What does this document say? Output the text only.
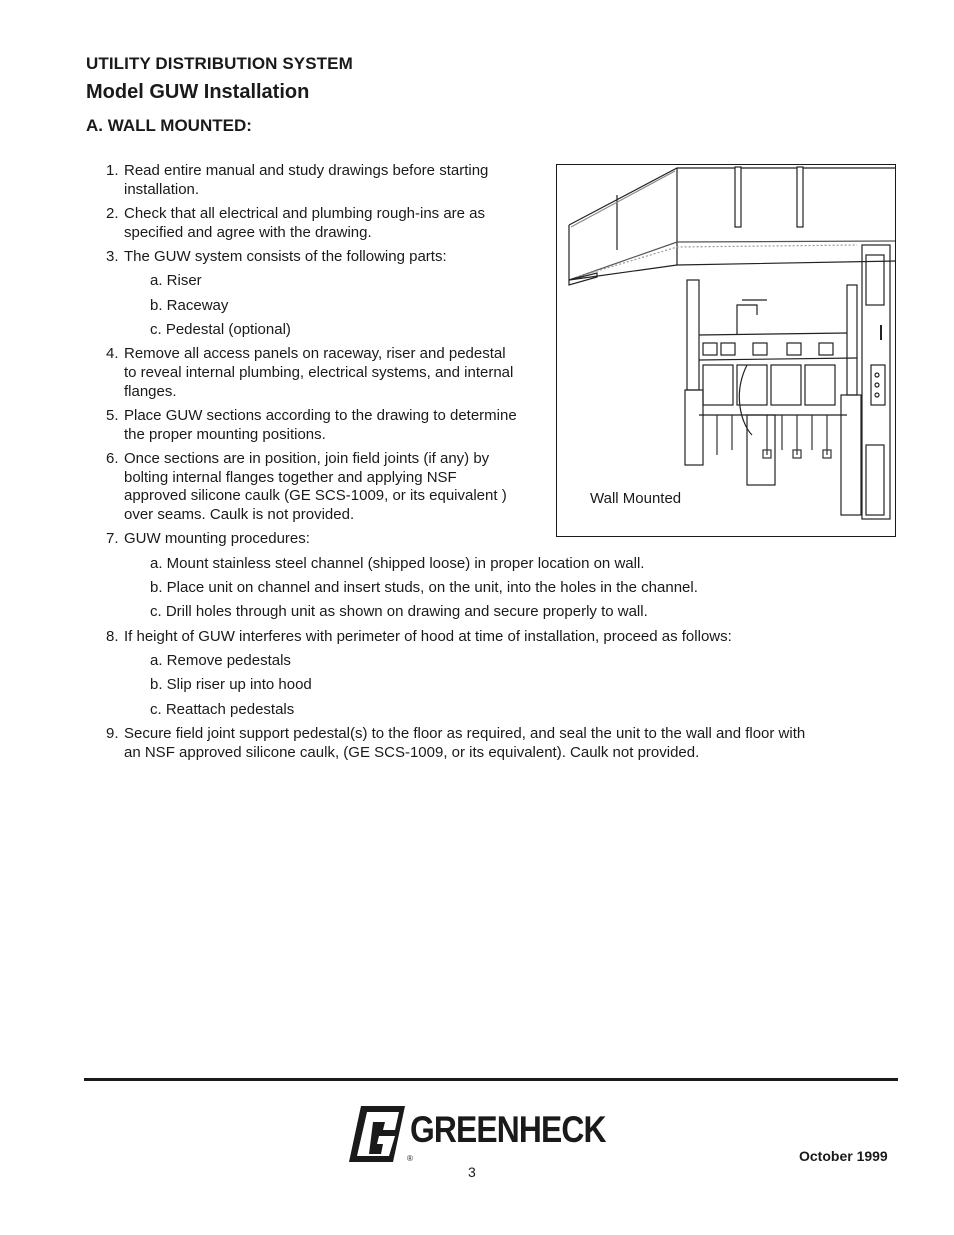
UTILITY DISTRIBUTION SYSTEM
Model GUW Installation
A. WALL MOUNTED:
1. Read entire manual and study drawings before starting
installation.
2. Check that all electrical and plumbing rough-ins are as
specified and agree with the drawing.
3. The GUW system consists of the following parts:
a. Riser
b. Raceway
c. Pedestal (optional)
4. Remove all access panels on raceway, riser and pedestal
to reveal internal plumbing, electrical systems, and internal
flanges.
5. Place GUW sections according to the drawing to determine
the proper mounting positions.
6. Once sections are in position, join field joints (if any) by
bolting internal flanges together and applying NSF
approved silicone caulk (GE SCS-1009, or its equivalent )
over seams. Caulk is not provided.
7. GUW mounting procedures:
a. Mount stainless steel channel (shipped loose) in proper location on wall.
b. Place unit on channel and insert studs, on the unit, into the holes in the channel.
c. Drill holes through unit as shown on drawing and secure properly to wall.
8. If height of GUW interferes with perimeter of hood at time of installation, proceed as follows:
a. Remove pedestals
b. Slip riser up into hood
c. Reattach pedestals
9. Secure field joint support pedestal(s) to the floor as required, and seal the unit to the wall and floor with
an NSF approved silicone caulk, (GE SCS-1009, or its equivalent). Caulk not provided.
Wall Mounted
GREENHECK
®
3
October 1999
